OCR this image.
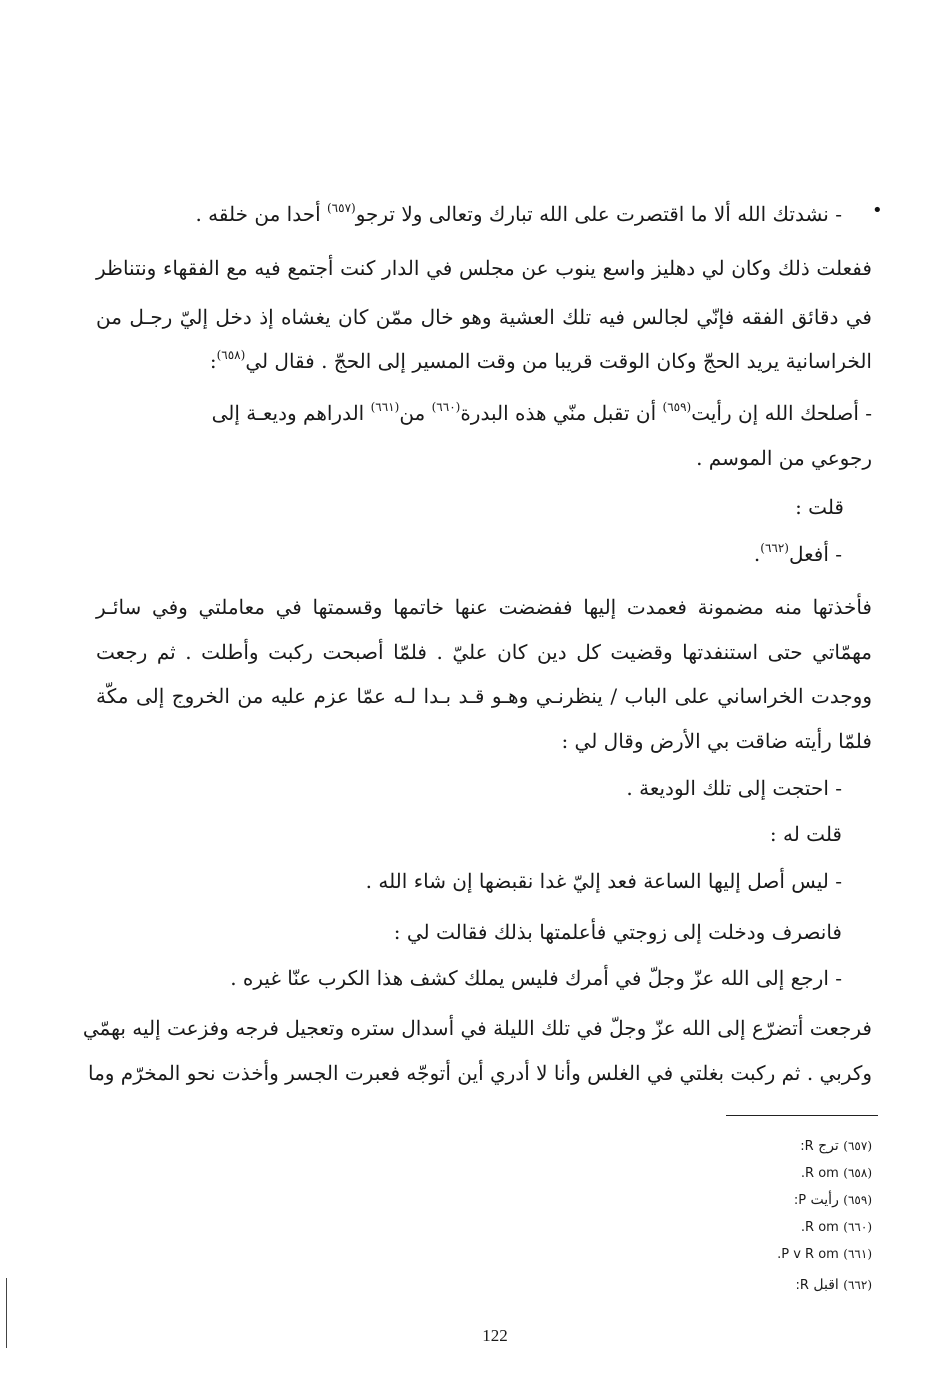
•
- نشدتك الله ألا ما اقتصرت على الله تبارك وتعالى ولا ترجو$^{(٦٥٧)}$ أحدا من خلقه .
ففعلت ذلك وكان لي دهليز واسع ينوب عن مجلس في الدار كنت أجتمع فيه مع الفقهاء ونتناظر
في دقائق الفقه فإنّي لجالس فيه تلك العشية وهو خال ممّن كان يغشاه إذ دخل إليّ رجـل من
الخراسانية يريد الحجّ وكان الوقت قريبا من وقت المسير إلى الحجّ . فقال لي$^{(٦٥٨)}$:
- أصلحك الله إن رأيت$^{(٦٥٩)}$ أن تقبل منّي هذه البدرة$^{(٦٦٠)}$ من$^{(٦٦١)}$ الدراهم وديعـة إلى
رجوعي من الموسم .
قلت :
- أفعل$^{(٦٦٢)}$.
فأخذتها منه مضمونة فعمدت إليها ففضضت عنها خاتمها وقسمتها في معاملتي وفي سائـر
مهمّاتي حتى استنفدتها وقضيت كل دين كان عليّ . فلمّا أصبحت ركبت وأطلت . ثم رجعت
ووجدت الخراساني على الباب / ينظرنـي وهـو قـد بـدا لـه عمّا عزم عليه من الخروج إلى مكّة
فلمّا رأيته ضاقت بي الأرض وقال لي :
- احتجت إلى تلك الوديعة .
قلت له :
- ليس أصل إليها الساعة فعد إليّ غدا نقبضها إن شاء الله .
فانصرف ودخلت إلى زوجتي فأعلمتها بذلك فقالت لي :
- ارجع إلى الله عزّ وجلّ في أمرك فليس يملك كشف هذا الكرب عنّا غيره .
فرجعت أتضرّع إلى الله عزّ وجلّ في تلك الليلة في أسدال ستره وتعجيل فرجه وفزعت إليه بهمّي
وكربي . ثم ركبت بغلتي في الغلس وأنا لا أدري أين أتوجّه فعبرت الجسر وأخذت نحو المخرّم وما
(٦٥٧) ترج R:
(٦٥٨) R om.
(٦٥٩) رأيت P:
(٦٦٠) R om.
(٦٦١) P v R om.
(٦٦٢) اقبل R:
122
